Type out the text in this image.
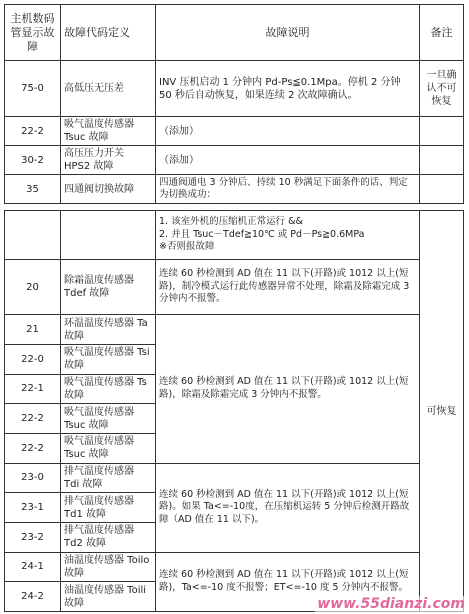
主机数码管显示故障	故障代码定义	故障说明	备注
75-0	高低压无压差	INV 压机启动 1 分钟内 Pd-Ps≦0.1Mpa。停机 2 分钟 50 秒后自动恢复，如果连续 2 次故障确认。	一旦确认不可恢复
22-2	吸气温度传感器 Tsuc 故障	（添加）	
30-2	高压压力开关 HPS2 故障	（添加）	
35	四通阀切换故障	四通阀通电 3 分钟后、持续 10 秒满足下面条件的话、判定为切换成功：	

		1. 该室外机的压缩机正常运行 &&
2. 并且 Tsuc－Tdef≧10℃ 或 Pd－Ps≧0.6MPa
※否则报故障	可恢复
20	除霜温度传感器 Tdef 故障	连续 60 秒检测到 AD 值在 11 以下(开路)或 1012 以上(短路)，制冷模式运行此传感器异常不处理，除霜及除霜完成 3 分钟内不报警。	
21	环温温度传感器 Ta 故障	连续 60 秒检测到 AD 值在 11 以下(开路)或 1012 以上(短路)，除霜及除霜完成 3 分钟内不报警。	
22-0	吸气温度传感器 Tsi 故障		
22-1	吸气温度传感器 Ts 故障		
22-2	吸气温度传感器 Tsuc 故障		
22-2	吸气温度传感器 Tsuc 故障		
23-0	排气温度传感器 Tdi 故障	连续 60 秒检测到 AD 值在 11 以下(开路)或 1012 以上(短路)。如果 Ta<=-10度，在压缩机运转 5 分钟后检测开路故障（AD 值在 11 以下)。	
23-1	排气温度传感器 Td1 故障		
23-2	排气温度传感器 Td2 故障		
24-1	油温度传感器 Toilo 故障	连续 60 秒检测到 AD 值在 11 以下(开路)或 1012 以上(短路)，Ta<=-10 度不报警；ET<=-10 度 5 分钟内不报警。	
24-2	油温度传感器 Toili 故障			www.55dianzi.com
